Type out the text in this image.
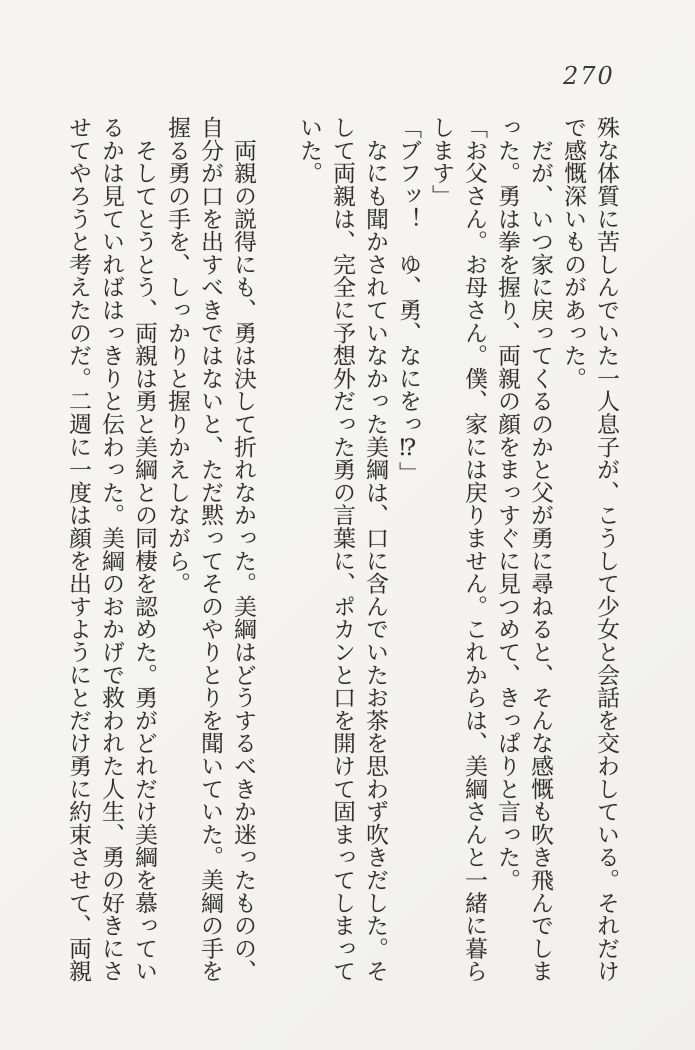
270
殊な体質に苦しんでいた一人息子が、こうして少女と会話を交わしている。それだけ
で感慨深いものがあった。
　だが、いつ家に戻ってくるのかと父が勇に尋ねると、そんな感慨も吹き飛んでしま
った。勇は拳を握り、両親の顔をまっすぐに見つめて、きっぱりと言った。
「お父さん。お母さん。僕、家には戻りません。これからは、美綱さんと一緒に暮ら
します」
「ブフッ！　ゆ、勇、なにをっ⁉」
　なにも聞かされていなかった美綱は、口に含んでいたお茶を思わず吹きだした。そ
して両親は、完全に予想外だった勇の言葉に、ポカンと口を開けて固まってしまって
いた。
　両親の説得にも、勇は決して折れなかった。美綱はどうするべきか迷ったものの、
自分が口を出すべきではないと、ただ黙ってそのやりとりを聞いていた。美綱の手を
握る勇の手を、しっかりと握りかえしながら。
　そしてとうとう、両親は勇と美綱との同棲を認めた。勇がどれだけ美綱を慕ってい
るかは見ていればはっきりと伝わった。美綱のおかげで救われた人生、勇の好きにさ
せてやろうと考えたのだ。二週に一度は顔を出すようにとだけ勇に約束させて、両親
